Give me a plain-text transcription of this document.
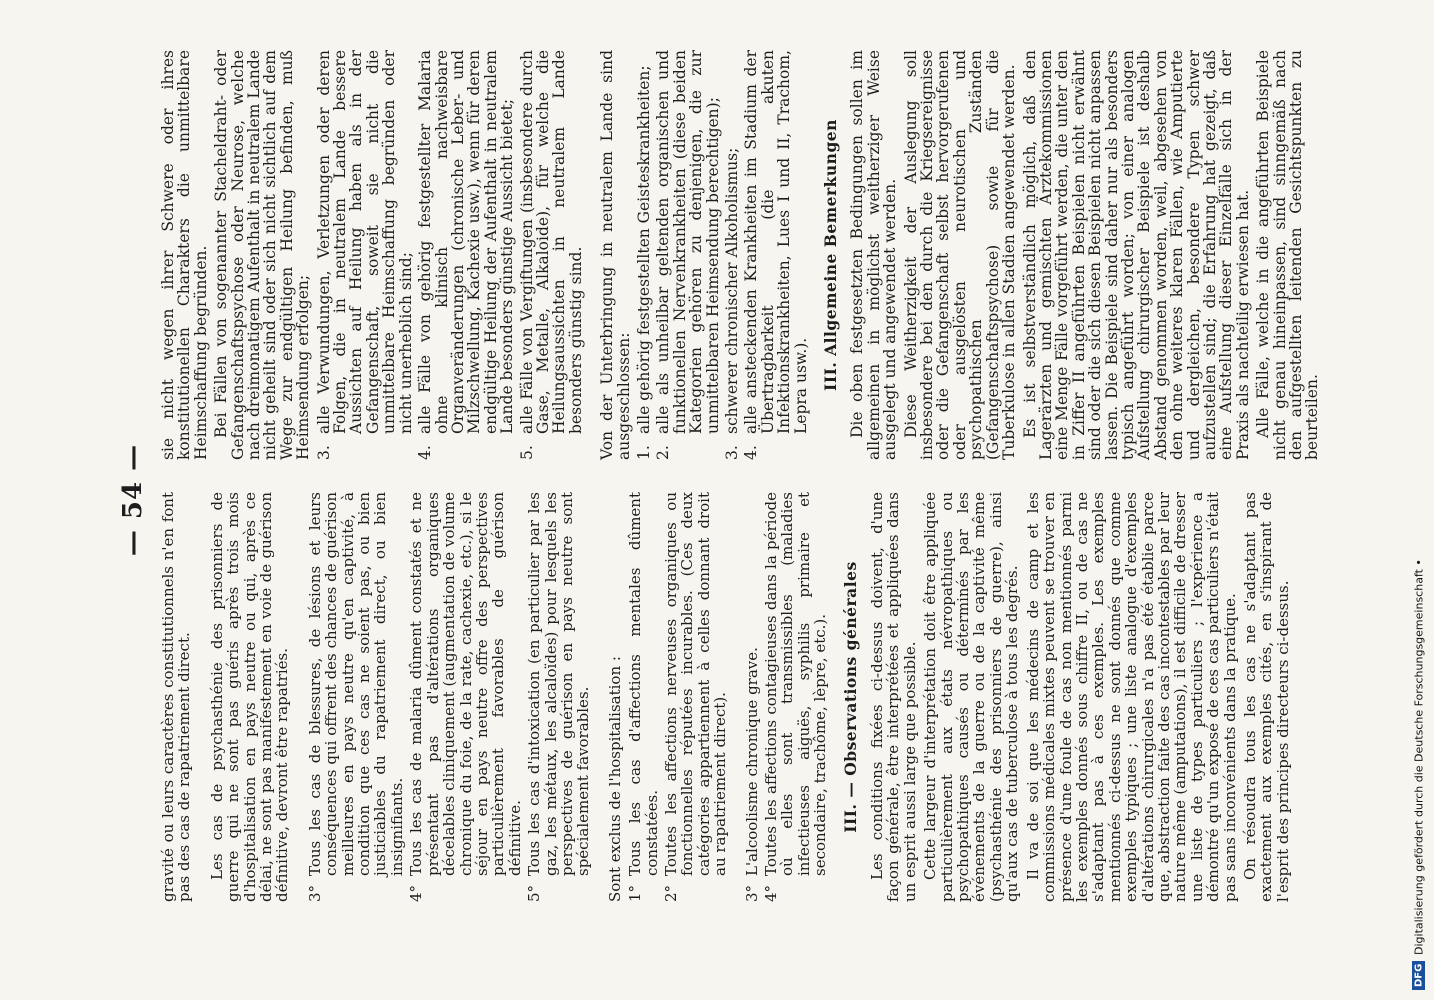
— 54 — gravité ou leurs caractères constitutionnels n'en font pas des cas de rapatriement direct. Les cas de psychasthénie des prisonniers de guerre qui ne sont pas guéris après trois mois d'hospitalisation en pays neutre ou qui, après ce délai, ne sont pas manifestement en voie de guérison définitive, devront être rapatriés. 3°
Tous les cas de blessures, de lésions et leurs conséquences qui offrent des chances de guérison meilleures en pays neutre qu'en captivité, à condition que ces cas ne soient pas, ou bien justiciables du rapatriement direct, ou bien insignifiants.
4°
Tous les cas de malaria dûment constatés et ne présentant pas d'altérations organiques décelables cliniquement (augmentation de volume chronique du foie, de la rate, cachexie, etc.), si le séjour en pays neutre offre des perspectives particulièrement favorables de guérison définitive.
5°
Tous les cas d'intoxication (en particulier par les gaz, les métaux, les alcaloïdes) pour lesquels les perspectives de guérison en pays neutre sont spécialement favorables. Sont exclus de l'hospitalisation : 1°
Tous les cas d'affections mentales dûment constatées.
2°
Toutes les affections nerveuses organiques ou fonctionnelles réputées incurables. (Ces deux catégories appartiennent à celles donnant droit au rapatriement direct).
3°
L'alcoolisme chronique grave.
4°
Toutes les affections contagieuses dans la période où elles sont transmissibles (maladies infectieuses aiguës, syphilis primaire et secondaire, trachôme, lèpre, etc.). III. — Observations générales Les conditions fixées ci-dessus doivent, d'une façon générale, être interprétées et appliquées dans un esprit aussi large que possible. Cette largeur d'interprétation doit être appliquée particulièrement aux états névropathiques ou psychopathiques causés ou déterminés par les événements de la guerre ou de la captivité même (psychasthénie des prisonniers de guerre), ainsi qu'aux cas de tuberculose à tous les degrés. Il va de soi que les médecins de camp et les commissions médicales mixtes peuvent se trouver en présence d'une foule de cas non mentionnés parmi les exemples donnés sous chiffre II, ou de cas ne s'adaptant pas à ces exemples. Les exemples mentionnés ci-dessus ne sont donnés que comme exemples typiques ; une liste analogue d'exemples d'altérations chirurgicales n'a pas été établie parce que, abstraction faite des cas incontestables par leur nature même (amputations), il est difficile de dresser une liste de types particuliers ; l'expérience a démontré qu'un exposé de ces cas particuliers n'était pas sans inconvénients dans la pratique. On résoudra tous les cas ne s'adaptant pas exactement aux exemples cités, en s'inspirant de l'esprit des principes directeurs ci-dessus.

sie nicht wegen ihrer Schwere oder ihres konstitutionellen Charakters die unmittelbare Heimschaffung begründen. Bei Fällen von sogenannter Stacheldraht- oder Gefangenschaftspsychose oder Neurose, welche nach dreimonatigem Aufenthalt in neutralem Lande nicht geheilt sind oder sich nicht sichtlich auf dem Wege zur endgültigen Heilung befinden, muß Heimsendung erfolgen; 3.
alle Verwundungen, Verletzungen oder deren Folgen, die in neutralem Lande bessere Aussichten auf Heilung haben als in der Gefangenschaft, soweit sie nicht die unmittelbare Heimschaffung begründen oder nicht unerheblich sind;
4.
alle Fälle von gehörig festgestellter Malaria ohne klinisch nachweisbare Organveränderungen (chronische Leber- und Milzschwellung, Kachexie usw.), wenn für deren endgültige Heilung der Aufenthalt in neutralem Lande besonders günstige Aussicht bietet;
5.
alle Fälle von Vergiftungen (insbesondere durch Gase, Metalle, Alkaloide), für welche die Heilungsaussichten in neutralem Lande besonders günstig sind. Von der Unterbringung in neutralem Lande sind ausgeschlossen: 1.
alle gehörig festgestellten Geisteskrankheiten;
2.
alle als unheilbar geltenden organischen und funktionellen Nervenkrankheiten (diese beiden Kategorien gehören zu denjenigen, die zur unmittelbaren Heimsendung berechtigen);
3.
schwerer chronischer Alkoholismus;
4.
alle ansteckenden Krankheiten im Stadium der Übertragbarkeit (die akuten Infektionskrankheiten, Lues I und II, Trachom, Lepra usw.). III. Allgemeine Bemerkungen Die oben festgesetzten Bedingungen sollen im allgemeinen in möglichst weitherziger Weise ausgelegt und angewendet werden. Diese Weitherzigkeit der Auslegung soll insbesondere bei den durch die Kriegsereignisse oder die Gefangenschaft selbst hervorgerufenen oder ausgelösten neurotischen und psychopathischen Zuständen (Gefangenschaftspsychose) sowie für die Tuberkulose in allen Stadien angewendet werden. Es ist selbstverständlich möglich, daß den Lagerärzten und gemischten Ärztekommissionen eine Menge Fälle vorgeführt werden, die unter den in Ziffer II angeführten Beispielen nicht erwähnt sind oder die sich diesen Beispielen nicht anpassen lassen. Die Beispiele sind daher nur als besonders typisch angeführt worden; von einer analogen Aufstellung chirurgischer Beispiele ist deshalb Abstand genommen worden, weil, abgesehen von den ohne weiteres klaren Fällen, wie Amputierte und dergleichen, besondere Typen schwer aufzustellen sind; die Erfahrung hat gezeigt, daß eine Aufstellung dieser Einzelfälle sich in der Praxis als nachteilig erwiesen hat. Alle Fälle, welche in die angeführten Beispiele nicht genau hineinpassen, sind sinngemäß nach den aufgestellten leitenden Gesichtspunkten zu beurteilen.

DFG
Digitalisierung gefördert durch die Deutsche Forschungsgemeinschaft •
